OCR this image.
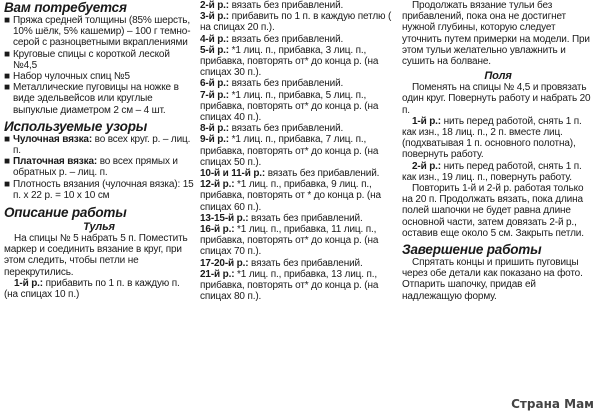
Вам потребуется
■ Пряжа средней толщины (85% шерсть, 10% шёлк, 5% кашемир) – 100 г темно-серой с разноцветными вкраплениями
■ Круговые спицы с короткой леской №4,5
■ Набор чулочных спиц №5
■ Металлические пуговицы на ножке в виде эдельвейсов или круглые выпуклые диаметром 2 см – 4 шт.
Используемые узоры
■ Чулочная вязка: во всех круг. р. – лиц. п.
■ Платочная вязка: во всех прямых и обратных р. – лиц. п.
■ Плотность вязания (чулочная вязка): 15 п. х 22 р. = 10 х 10 см
Описание работы
Тулья

На спицы № 5 набрать 5 п. Поместить маркер и соединить вязание в круг, при этом следить, чтобы петли не перекрутились.

1-й р.: прибавить по 1 п. в каждую п. (на спицах 10 п.)

2-й р.: вязать без прибавлений.

3-й р.: прибавить по 1 п. в каждую петлю ( на спицах 20 п.).

4-й р.: вязать без прибавлений.

5-й р.: *1 лиц. п., прибавка, 3 лиц. п., прибавка, повторять от* до конца р. (на спицах 30 п.).

6-й р.: вязать без прибавлений.

7-й р.: *1 лиц. п., прибавка, 5 лиц. п., прибавка, повторять от* до конца р. (на спицах 40 п.).

8-й р.: вязать без прибавлений.

9-й р.: *1 лиц. п., прибавка, 7 лиц. п., прибавка, повторять от* до конца р. (на спицах 50 п.).

10-й и 11-й р.: вязать без прибавлений.

12-й р.: *1 лиц. п., прибавка, 9 лиц. п., прибавка, повторять от * до конца р. (на спицах 60 п.).

13-15-й р.: вязать без прибавлений.

16-й р.: *1 лиц. п., прибавка, 11 лиц. п., прибавка, повторять от* до конца р. (на спицах 70 п.).

17-20-й р.: вязать без прибавлений.

21-й р.: *1 лиц. п., прибавка, 13 лиц. п., прибавка, повторять от* до конца р. (на спицах 80 п.).

Продолжать вязание тульи без прибавлений, пока она не достигнет нужной глубины, которую следует уточнить путем примерки на модели. При этом тульи желательно увлажнить и сушить на болване.

Поля

Поменять на спицы № 4,5 и провязать один круг. Повернуть работу и набрать 20 п.

1-й р.: нить перед работой, снять 1 п. как изн., 18 лиц. п., 2 п. вместе лиц. (подхватывая 1 п. основного полотна), повернуть работу.

2-й р.: нить перед работой, снять 1 п. как изн., 19 лиц. п., повернуть работу.

Повторить 1-й и 2-й р. работая только на 20 п. Продолжать вязать, пока длина полей шапочки не будет равна длине основной части, затем довязать 2-й р., оставив еще около 5 см. Закрыть петли.

Завершение работы

Спрятать концы и пришить пуговицы через обе детали как показано на фото. Отпарить шапочку, придав ей надлежащую форму.

Страна Мам
